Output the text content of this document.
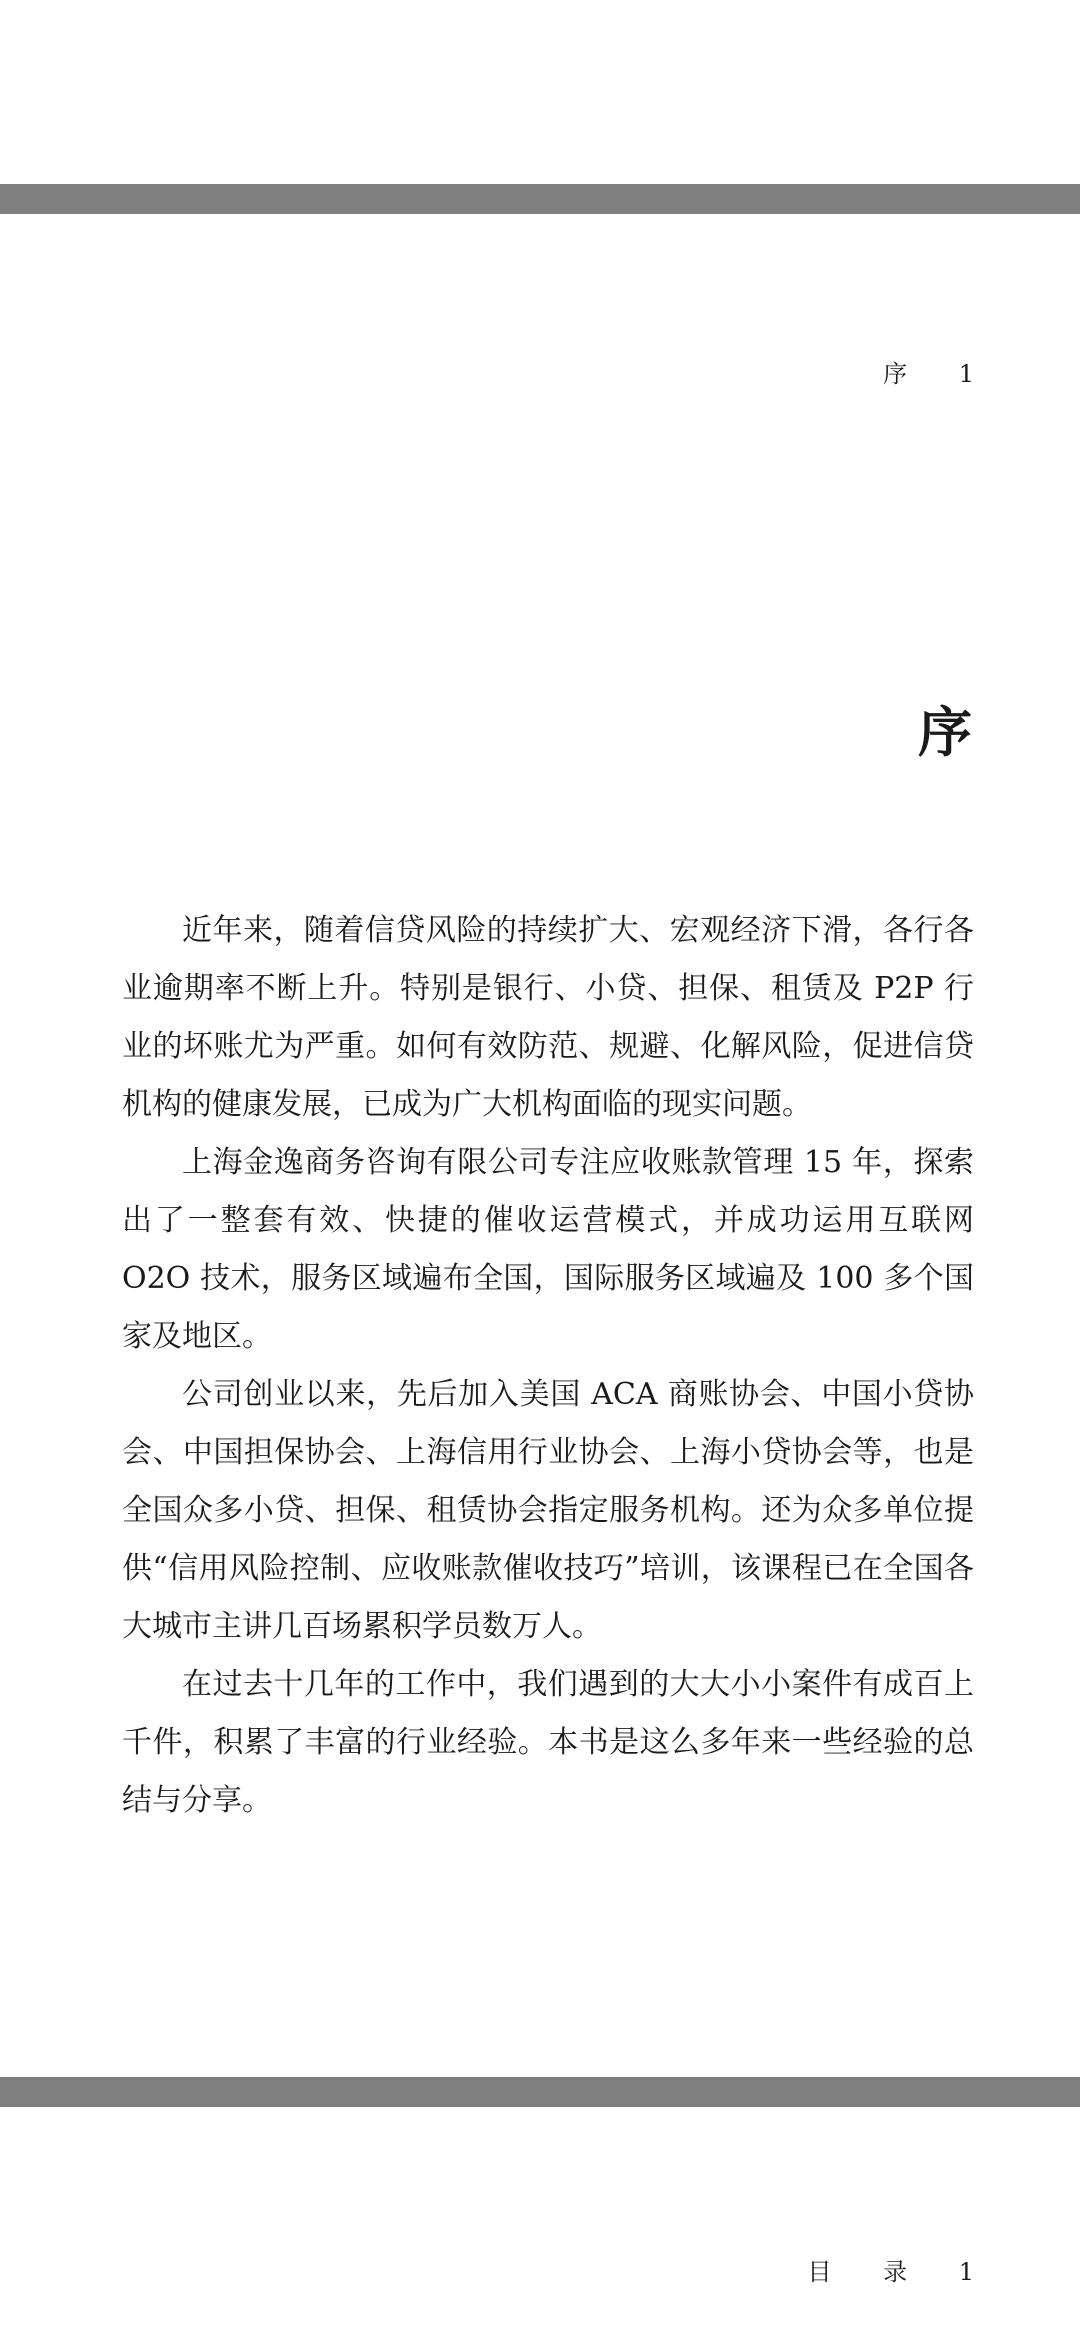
序 1
序

近年来，随着信贷风险的持续扩大、宏观经济下滑，各行各业逾期率不断上升。特别是银行、小贷、担保、租赁及 P2P 行业的坏账尤为严重。如何有效防范、规避、化解风险，促进信贷机构的健康发展，已成为广大机构面临的现实问题。

上海金逸商务咨询有限公司专注应收账款管理 15 年，探索出了一整套有效、快捷的催收运营模式，并成功运用互联网 O2O 技术，服务区域遍布全国，国际服务区域遍及 100 多个国家及地区。

公司创业以来，先后加入美国 ACA 商账协会、中国小贷协会、中国担保协会、上海信用行业协会、上海小贷协会等，也是全国众多小贷、担保、租赁协会指定服务机构。还为众多单位提供“信用风险控制、应收账款催收技巧”培训，该课程已在全国各大城市主讲几百场累积学员数万人。

在过去十几年的工作中，我们遇到的大大小小案件有成百上千件，积累了丰富的行业经验。本书是这么多年来一些经验的总结与分享。

目 录 1
